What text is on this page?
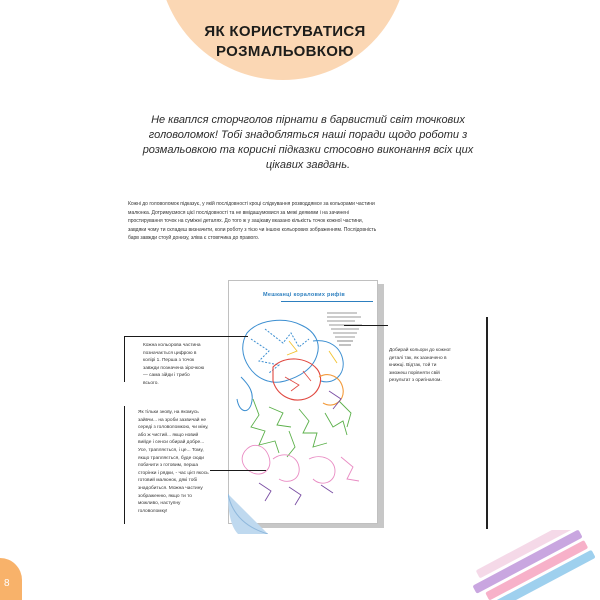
ЯК КОРИСТУВАТИСЯ РОЗМАЛЬОВКОЮ
Не кваплся сторчголов пірнати в барвистий світ точкових головоломок! Тобі знадобляться наші поради щодо роботи з розмальовкою та корисні підказки стосовно виконання всіх цих цікавих завдань.
Кожні до головоломок підказує, у якій послідовності кроці слідкування розводдямсе за кольорами частини малюнка. Дотримуємося цієї послідовності та не вмідашумовися за межі деякими і на зачинені простирування точок на суміжні деталях. До того ж у зацікаву вказано кількість точок кожної частини, завдяки чому ти складеш визначити, коли роботу з тією чи іншою кольорових зображенням. Послідовність барв завжди стоуй донизу, зліва є стовпчика до правого.
Кожна кольорова частина позначається цифрою в колірі 1. Перша з точок завжди позначена зірочкою — сама зійди і трибо всього.
Як тільки знову, на якомусь зайвчи... на зроби зазвичай не середі з головоломкою, чи міну, або ж чистий... якщо новий вийде і сенси обирай добре... Усе, трапляється, і це... Тому, якщо трапляється, буде сюди побачити з готовим, перша сторінки і рядки, - час цієї якось готовий малюнок, дякі тобі знадобиться. Можна частину зображенню, якщо ти то можливо, наступну головоломку!
Добирай кольори до кожної деталі так, як зазначено в книжці. Відтак, той ти зможеш порівняти свій результат з оригіналом.
Мешканці коралових рифів
8
